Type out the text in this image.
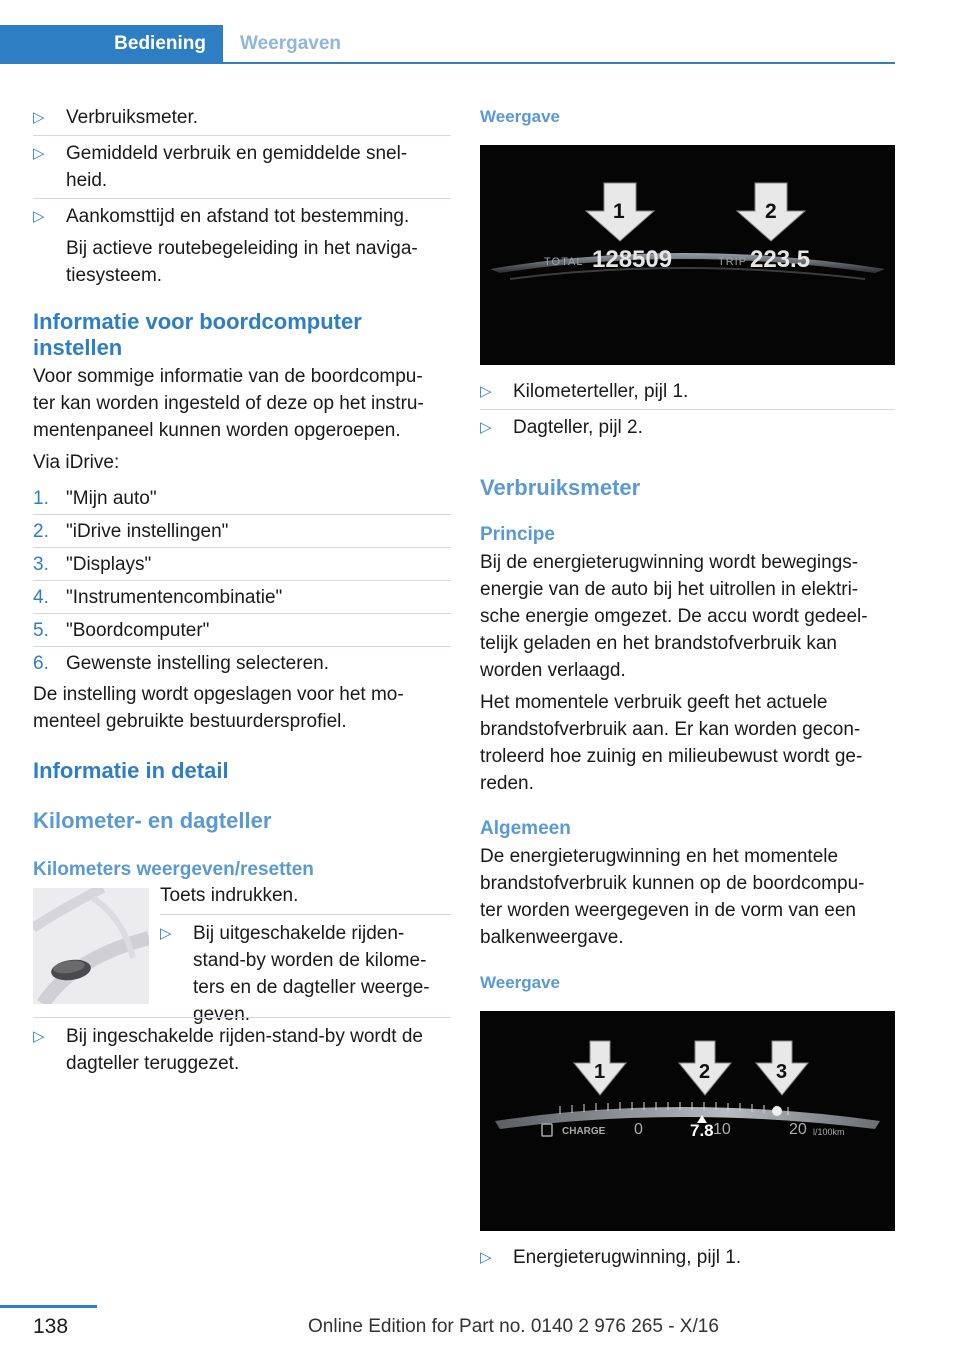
Bediening	Weergaven
▷ Verbruiksmeter.
▷ Gemiddeld verbruik en gemiddelde snel-
heid.
▷ Aankomsttijd en afstand tot bestemming.

Bij actieve routebegeleiding in het naviga-
tiesysteem.

Informatie voor boordcomputer instellen

Voor sommige informatie van de boordcompu-
ter kan worden ingesteld of deze op het instru-
mentenpaneel kunnen worden opgeroepen.

Via iDrive:

1. "Mijn auto"
2. "iDrive instellingen"
3. "Displays"
4. "Instrumentencombinatie"
5. "Boordcomputer"
6. Gewenste instelling selecteren.

De instelling wordt opgeslagen voor het mo-
menteel gebruikte bestuurdersprofiel.

Informatie in detail
Kilometer- en dagteller
Kilometers weergeven/resetten

Toets indrukken.

▷ Bij uitgeschakelde rijden-
stand-by worden de kilome-
ters en de dagteller weerge-
geven.
▷ Bij ingeschakelde rijden-stand-by wordt de
dagteller teruggezet.
Weergave
1	2
TOTAL 128509	TRIP 223.5
▷ Kilometerteller, pijl 1.
▷ Dagteller, pijl 2.
Verbruiksmeter
Principe

Bij de energieterugwinning wordt bewegings-
energie van de auto bij het uitrollen in elektri-
sche energie omgezet. De accu wordt gedeel-
telijk geladen en het brandstofverbruik kan
worden verlaagd.

Het momentele verbruik geeft het actuele
brandstofverbruik aan. Er kan worden gecon-
troleerd hoe zuinig en milieubewust wordt ge-
reden.

Algemeen

De energieterugwinning en het momentele
brandstofverbruik kunnen op de boordcompu-
ter worden weergegeven in de vorm van een
balkenweergave.

Weergave
1	2	3
CHARGE 0	7.8 10	20 l/100km
▷ Energieterugwinning, pijl 1.
138	Online Edition for Part no. 0140 2 976 265 - X/16
